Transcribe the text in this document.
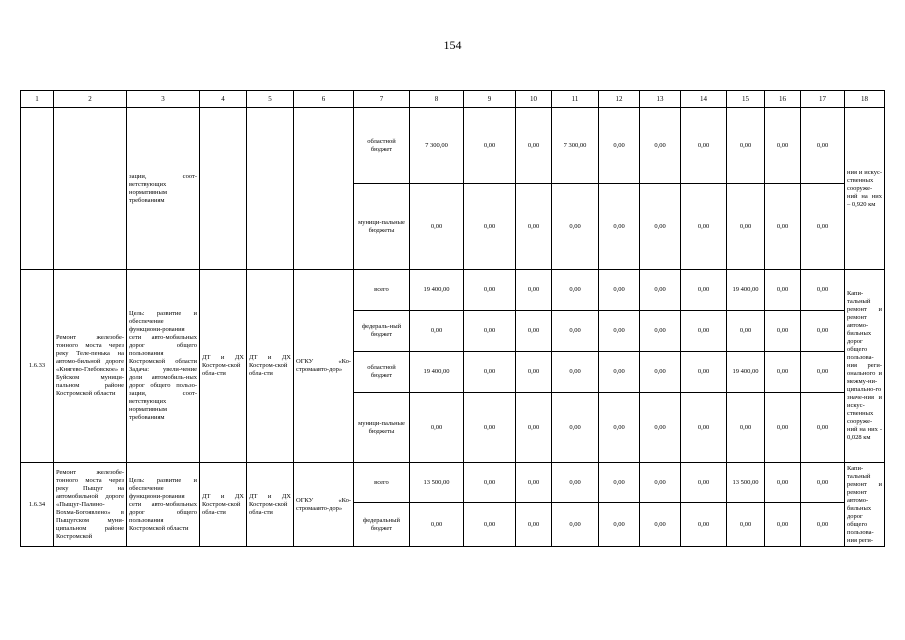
154
1	2	3	4	5	6	7	8	9	10	11	12	13	14	15	16	17	18
		зации, соот-ветствующих нормативным требованиям				областной бюджет	7 300,00	0,00	0,00	7 300,00	0,00	0,00	0,00	0,00	0,00	0,00	ния и искус-ственных сооруже-ний на них – 0,920 км
						муници-пальные бюджеты	0,00	0,00	0,00	0,00	0,00	0,00	0,00	0,00	0,00	0,00	
1.6.33	Ремонт железобе-тонного моста через реку Теле-пенька на автомо-бильной дороге «Княгево-Глебовское» в Буйском муници-пальном районе Костромской области	Цель: развитие и обеспечение функциони-рования сети авто-мобильных дорог общего пользования Костромской области Задача: увели-чение доли автомобиль-ных дорог общего пользо-зации, соот-ветствующих нормативным требованиям	ДТ и ДХ Костром-ской обла-сти	ДТ и ДХ Костром-ской обла-сти	ОГКУ «Ко-стромаавто-дор»	всего	19 400,00	0,00	0,00	0,00	0,00	0,00	0,00	19 400,00	0,00	0,00	Капи-тальный ремонт и ремонт автомо-бильных дорог общего пользова-ния реги-онального и межму-ни-ципально-го значе-ния и искус-ственных сооруже-ний на них - 0,028 км
						федераль-ный бюджет	0,00	0,00	0,00	0,00	0,00	0,00	0,00	0,00	0,00	0,00	
						областной бюджет	19 400,00	0,00	0,00	0,00	0,00	0,00	0,00	19 400,00	0,00	0,00	
						муници-пальные бюджеты	0,00	0,00	0,00	0,00	0,00	0,00	0,00	0,00	0,00	0,00	
1.6.34	Ремонт железобе-тонного моста через реку Пыщуг на автомобильной дороге «Пыщуг-Палино-Вохма-Богоявлено» в Пыщугском муни-ципальном районе Костромской	Цель: развитие и обеспечение функциони-рования сети авто-мобильных дорог общего пользования Костромской области	ДТ и ДХ Костром-ской обла-сти	ДТ и ДХ Костром-ской обла-сти	ОГКУ «Ко-стромаавто-дор»	всего	13 500,00	0,00	0,00	0,00	0,00	0,00	0,00	13 500,00	0,00	0,00	Капи-тальный ремонт и ремонт автомо-бильных дорог общего пользова-ния реги-
						федеральный бюджет	0,00	0,00	0,00	0,00	0,00	0,00	0,00	0,00	0,00	0,00	
